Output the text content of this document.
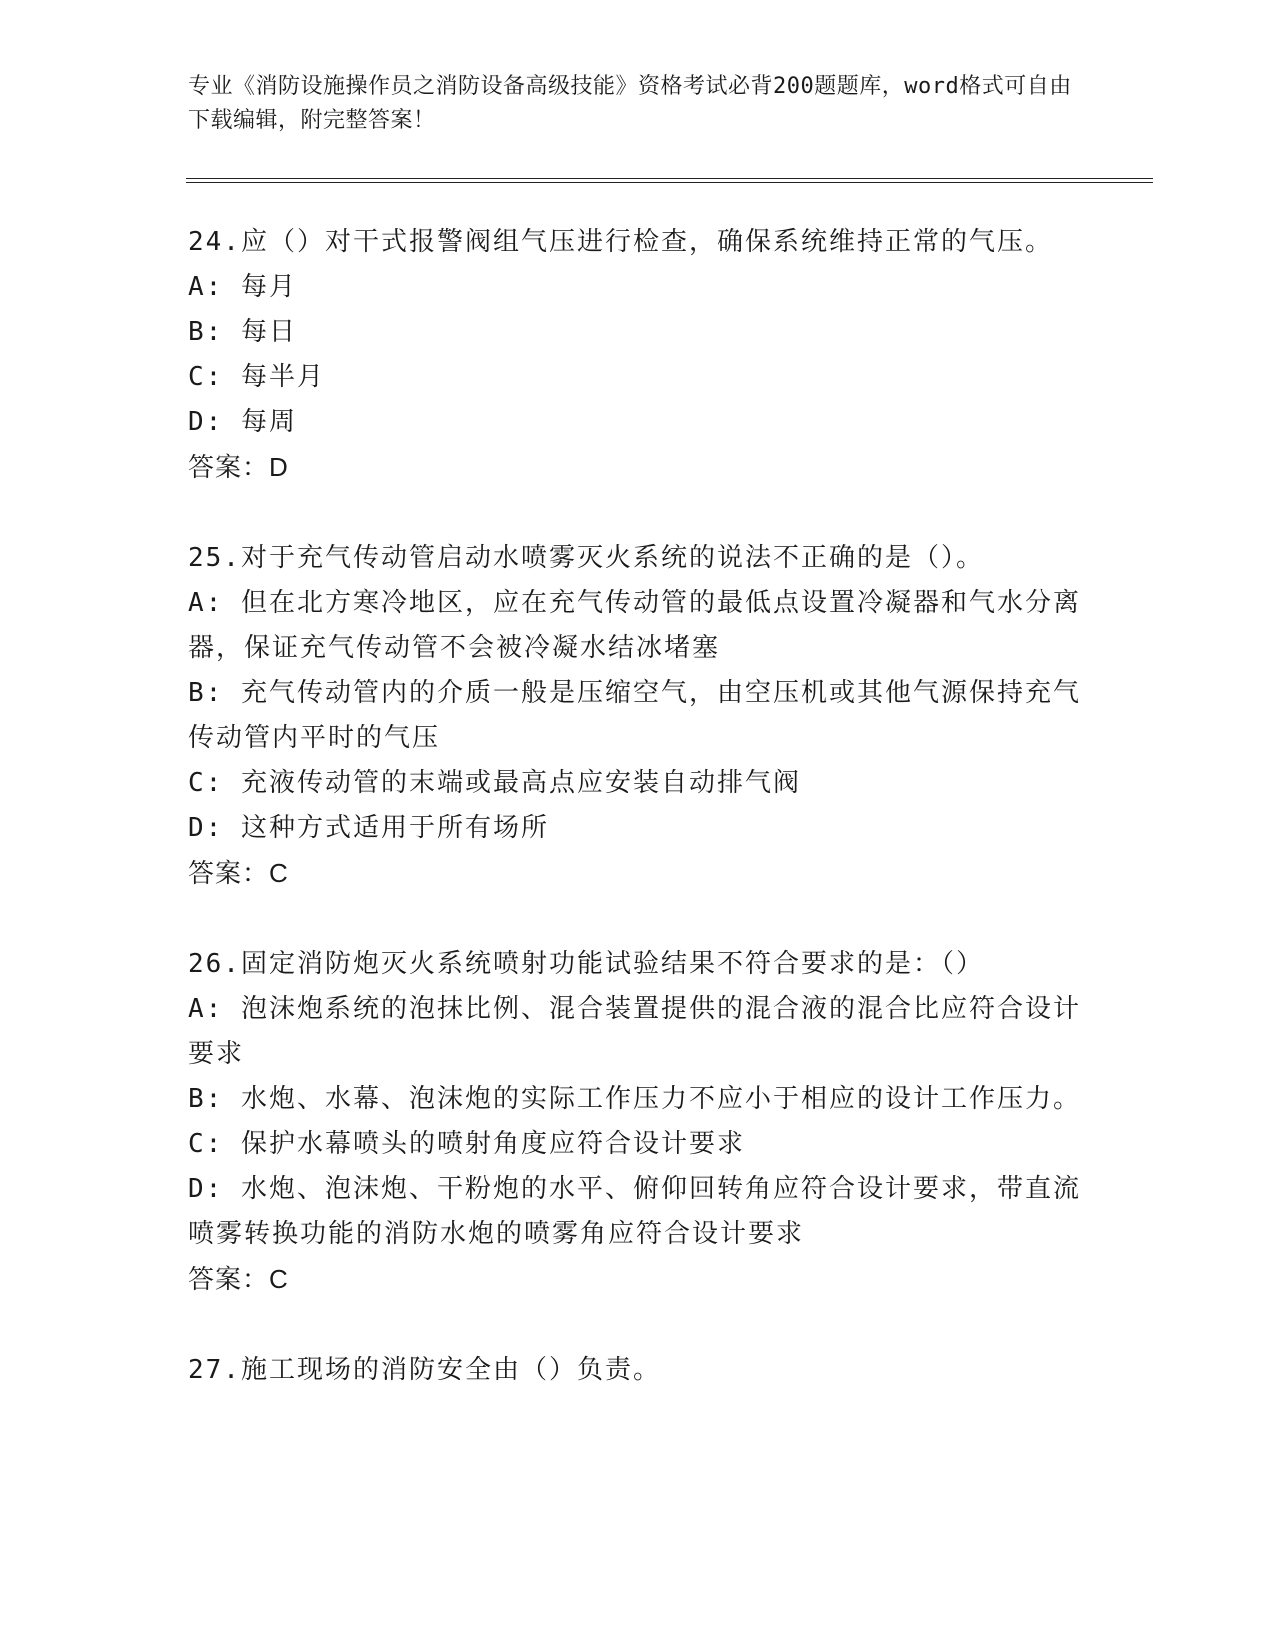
专业《消防设施操作员之消防设备高级技能》资格考试必背200题题库，word格式可自由下载编辑，附完整答案！
24.应（）对干式报警阀组气压进行检查，确保系统维持正常的气压。
A: 每月
B: 每日
C: 每半月
D: 每周
答案：D
25.对于充气传动管启动水喷雾灭火系统的说法不正确的是（）。
A: 但在北方寒冷地区，应在充气传动管的最低点设置冷凝器和气水分离器，保证充气传动管不会被冷凝水结冰堵塞
B: 充气传动管内的介质一般是压缩空气，由空压机或其他气源保持充气传动管内平时的气压
C: 充液传动管的末端或最高点应安装自动排气阀
D: 这种方式适用于所有场所
答案：C
26.固定消防炮灭火系统喷射功能试验结果不符合要求的是：（）
A: 泡沫炮系统的泡抹比例、混合装置提供的混合液的混合比应符合设计要求
B: 水炮、水幕、泡沫炮的实际工作压力不应小于相应的设计工作压力。
C: 保护水幕喷头的喷射角度应符合设计要求
D: 水炮、泡沫炮、干粉炮的水平、俯仰回转角应符合设计要求，带直流喷雾转换功能的消防水炮的喷雾角应符合设计要求
答案：C
27.施工现场的消防安全由（）负责。
